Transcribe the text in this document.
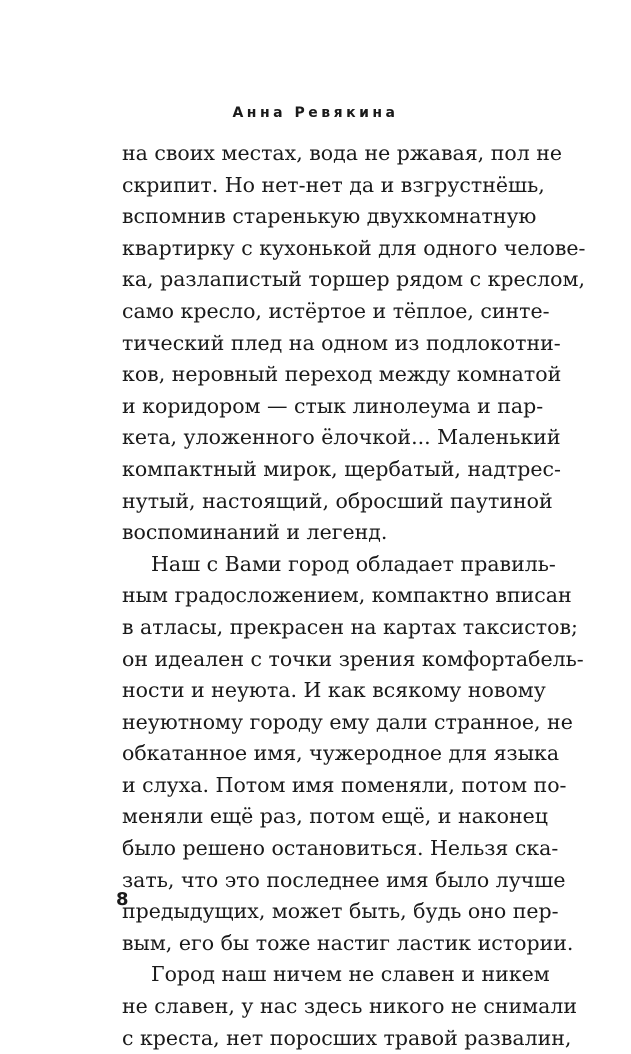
Анна Ревякина
на своих местах, вода не ржавая, пол не
скрипит. Но нет-нет да и взгрустнёшь,
вспомнив старенькую двухкомнатную
квартирку с кухонькой для одного челове-
ка, разлапистый торшер рядом с креслом,
само кресло, истёртое и тёплое, синте-
тический плед на одном из подлокотни-
ков, неровный переход между комнатой
и коридором — стык линолеума и пар-
кета, уложенного ёлочкой... Маленький
компактный мирок, щербатый, надтрес-
нутый, настоящий, обросший паутиной
воспоминаний и легенд.
Наш с Вами город обладает правиль-
ным градосложением, компактно вписан
в атласы, прекрасен на картах таксистов;
он идеален с точки зрения комфортабель-
ности и неуюта. И как всякому новому
неуютному городу ему дали странное, не
обкатанное имя, чужеродное для языка
и слуха. Потом имя поменяли, потом по-
меняли ещё раз, потом ещё, и наконец
было решено остановиться. Нельзя ска-
зать, что это последнее имя было лучше
предыдущих, может быть, будь оно пер-
вым, его бы тоже настиг ластик истории.
Город наш ничем не славен и никем
не славен, у нас здесь никого не снимали
с креста, нет поросших травой развалин,
8
